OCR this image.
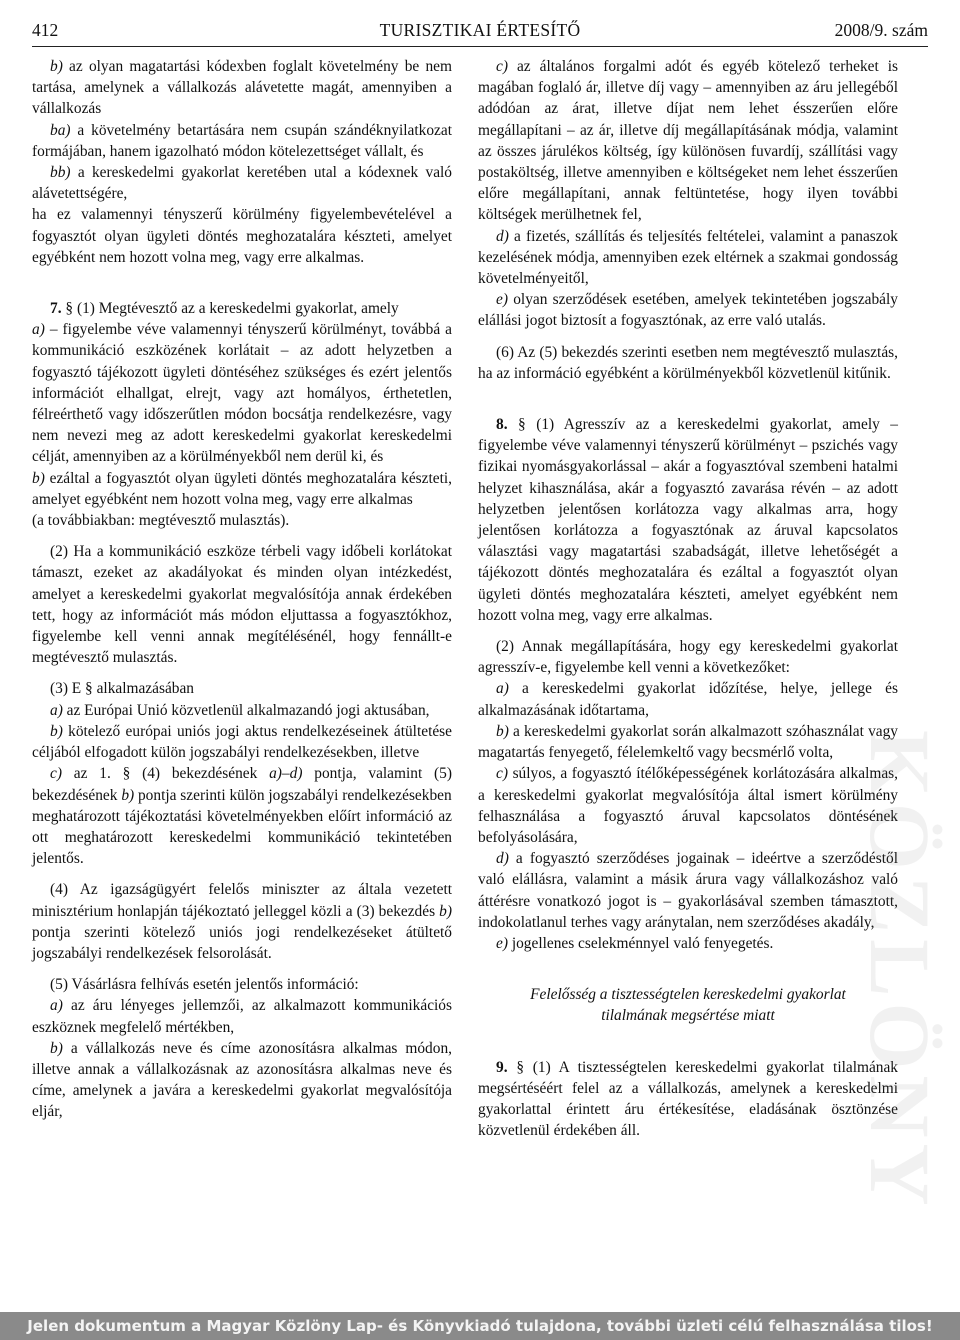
412	TURISZTIKAI ÉRTESÍTŐ	2008/9. szám

b) az olyan magatartási kódexben foglalt követelmény be nem tartása, amelynek a vállalkozás alávetette magát, amennyiben a vállalkozás

ba) a követelmény betartására nem csupán szándéknyilatkozat formájában, hanem igazolható módon kötelezettséget vállalt, és

bb) a kereskedelmi gyakorlat keretében utal a kódexnek való alávetettségére,

ha ez valamennyi tényszerű körülmény figyelembevételével a fogyasztót olyan ügyleti döntés meghozatalára készteti, amelyet egyébként nem hozott volna meg, vagy erre alkalmas.

7. § (1) Megtévesztő az a kereskedelmi gyakorlat, amely

a) – figyelembe véve valamennyi tényszerű körülményt, továbbá a kommunikáció eszközének korlátait – az adott helyzetben a fogyasztó tájékozott ügyleti döntéséhez szükséges és ezért jelentős információt elhallgat, elrejt, vagy azt homályos, érthetetlen, félreérthető vagy időszerűtlen módon bocsátja rendelkezésre, vagy nem nevezi meg az adott kereskedelmi gyakorlat kereskedelmi célját, amennyiben az a körülményekből nem derül ki, és

b) ezáltal a fogyasztót olyan ügyleti döntés meghozatalára készteti, amelyet egyébként nem hozott volna meg, vagy erre alkalmas

(a továbbiakban: megtévesztő mulasztás).

(2) Ha a kommunikáció eszköze térbeli vagy időbeli korlátokat támaszt, ezeket az akadályokat és minden olyan intézkedést, amelyet a kereskedelmi gyakorlat megvalósítója annak érdekében tett, hogy az információt más módon eljuttassa a fogyasztókhoz, figyelembe kell venni annak megítélésénél, hogy fennállt-e megtévesztő mulasztás.

(3) E § alkalmazásában

a) az Európai Unió közvetlenül alkalmazandó jogi aktusában,

b) kötelező európai uniós jogi aktus rendelkezéseinek átültetése céljából elfogadott külön jogszabályi rendelkezésekben, illetve

c) az 1. § (4) bekezdésének a)–d) pontja, valamint (5) bekezdésének b) pontja szerinti külön jogszabályi rendelkezésekben

meghatározott tájékoztatási követelményekben előírt információ az ott meghatározott kereskedelmi kommunikáció tekintetében jelentős.

(4) Az igazságügyért felelős miniszter az általa vezetett minisztérium honlapján tájékoztató jelleggel közli a (3) bekezdés b) pontja szerinti kötelező uniós jogi rendelkezéseket átültető jogszabályi rendelkezések felsorolását.

(5) Vásárlásra felhívás esetén jelentős információ:

a) az áru lényeges jellemzői, az alkalmazott kommunikációs eszköznek megfelelő mértékben,

b) a vállalkozás neve és címe azonosításra alkalmas módon, illetve annak a vállalkozásnak az azonosításra alkalmas neve és címe, amelynek a javára a kereskedelmi gyakorlat megvalósítója eljár,

c) az általános forgalmi adót és egyéb kötelező terheket is magában foglaló ár, illetve díj vagy – amennyiben az áru jellegéből adódóan az árat, illetve díjat nem lehet ésszerűen előre megállapítani – az ár, illetve díj megállapításának módja, valamint az összes járulékos költség, így különösen fuvardíj, szállítási vagy postaköltség, illetve amennyiben e költségeket nem lehet ésszerűen előre megállapítani, annak feltüntetése, hogy ilyen további költségek merülhetnek fel,

d) a fizetés, szállítás és teljesítés feltételei, valamint a panaszok kezelésének módja, amennyiben ezek eltérnek a szakmai gondosság követelményeitől,

e) olyan szerződések esetében, amelyek tekintetében jogszabály elállási jogot biztosít a fogyasztónak, az erre való utalás.

(6) Az (5) bekezdés szerinti esetben nem megtévesztő mulasztás, ha az információ egyébként a körülményekből közvetlenül kitűnik.

8. § (1) Agresszív az a kereskedelmi gyakorlat, amely – figyelembe véve valamennyi tényszerű körülményt – pszichés vagy fizikai nyomásgyakorlással – akár a fogyasztóval szembeni hatalmi helyzet kihasználása, akár a fogyasztó zavarása révén – az adott helyzetben jelentősen korlátozza vagy alkalmas arra, hogy jelentősen korlátozza a fogyasztónak az áruval kapcsolatos választási vagy magatartási szabadságát, illetve lehetőségét a tájékozott döntés meghozatalára és ezáltal a fogyasztót olyan ügyleti döntés meghozatalára készteti, amelyet egyébként nem hozott volna meg, vagy erre alkalmas.

(2) Annak megállapítására, hogy egy kereskedelmi gyakorlat agresszív-e, figyelembe kell venni a következőket:

a) a kereskedelmi gyakorlat időzítése, helye, jellege és alkalmazásának időtartama,

b) a kereskedelmi gyakorlat során alkalmazott szóhasználat vagy magatartás fenyegető, félelemkeltő vagy becsmérlő volta,

c) súlyos, a fogyasztó ítélőképességének korlátozására alkalmas, a kereskedelmi gyakorlat megvalósítója által ismert körülmény felhasználása a fogyasztó áruval kapcsolatos döntésének befolyásolására,

d) a fogyasztó szerződéses jogainak – ideértve a szerződéstől való elállásra, valamint a másik árura vagy vállalkozáshoz való áttérésre vonatkozó jogot is – gyakorlásával szemben támasztott, indokolatlanul terhes vagy aránytalan, nem szerződéses akadály,

e) jogellenes cselekménnyel való fenyegetés.

Felelősség a tisztességtelen kereskedelmi gyakorlat
tilalmának megsértése miatt

9. § (1) A tisztességtelen kereskedelmi gyakorlat tilalmának megsértéséért felel az a vállalkozás, amelynek a kereskedelmi gyakorlattal érintett áru értékesítése, eladásának ösztönzése közvetlenül érdekében áll.	KÖZLÖNY
Jelen dokumentum a Magyar Közlöny Lap- és Könyvkiadó tulajdona, további üzleti célú felhasználása tilos!
